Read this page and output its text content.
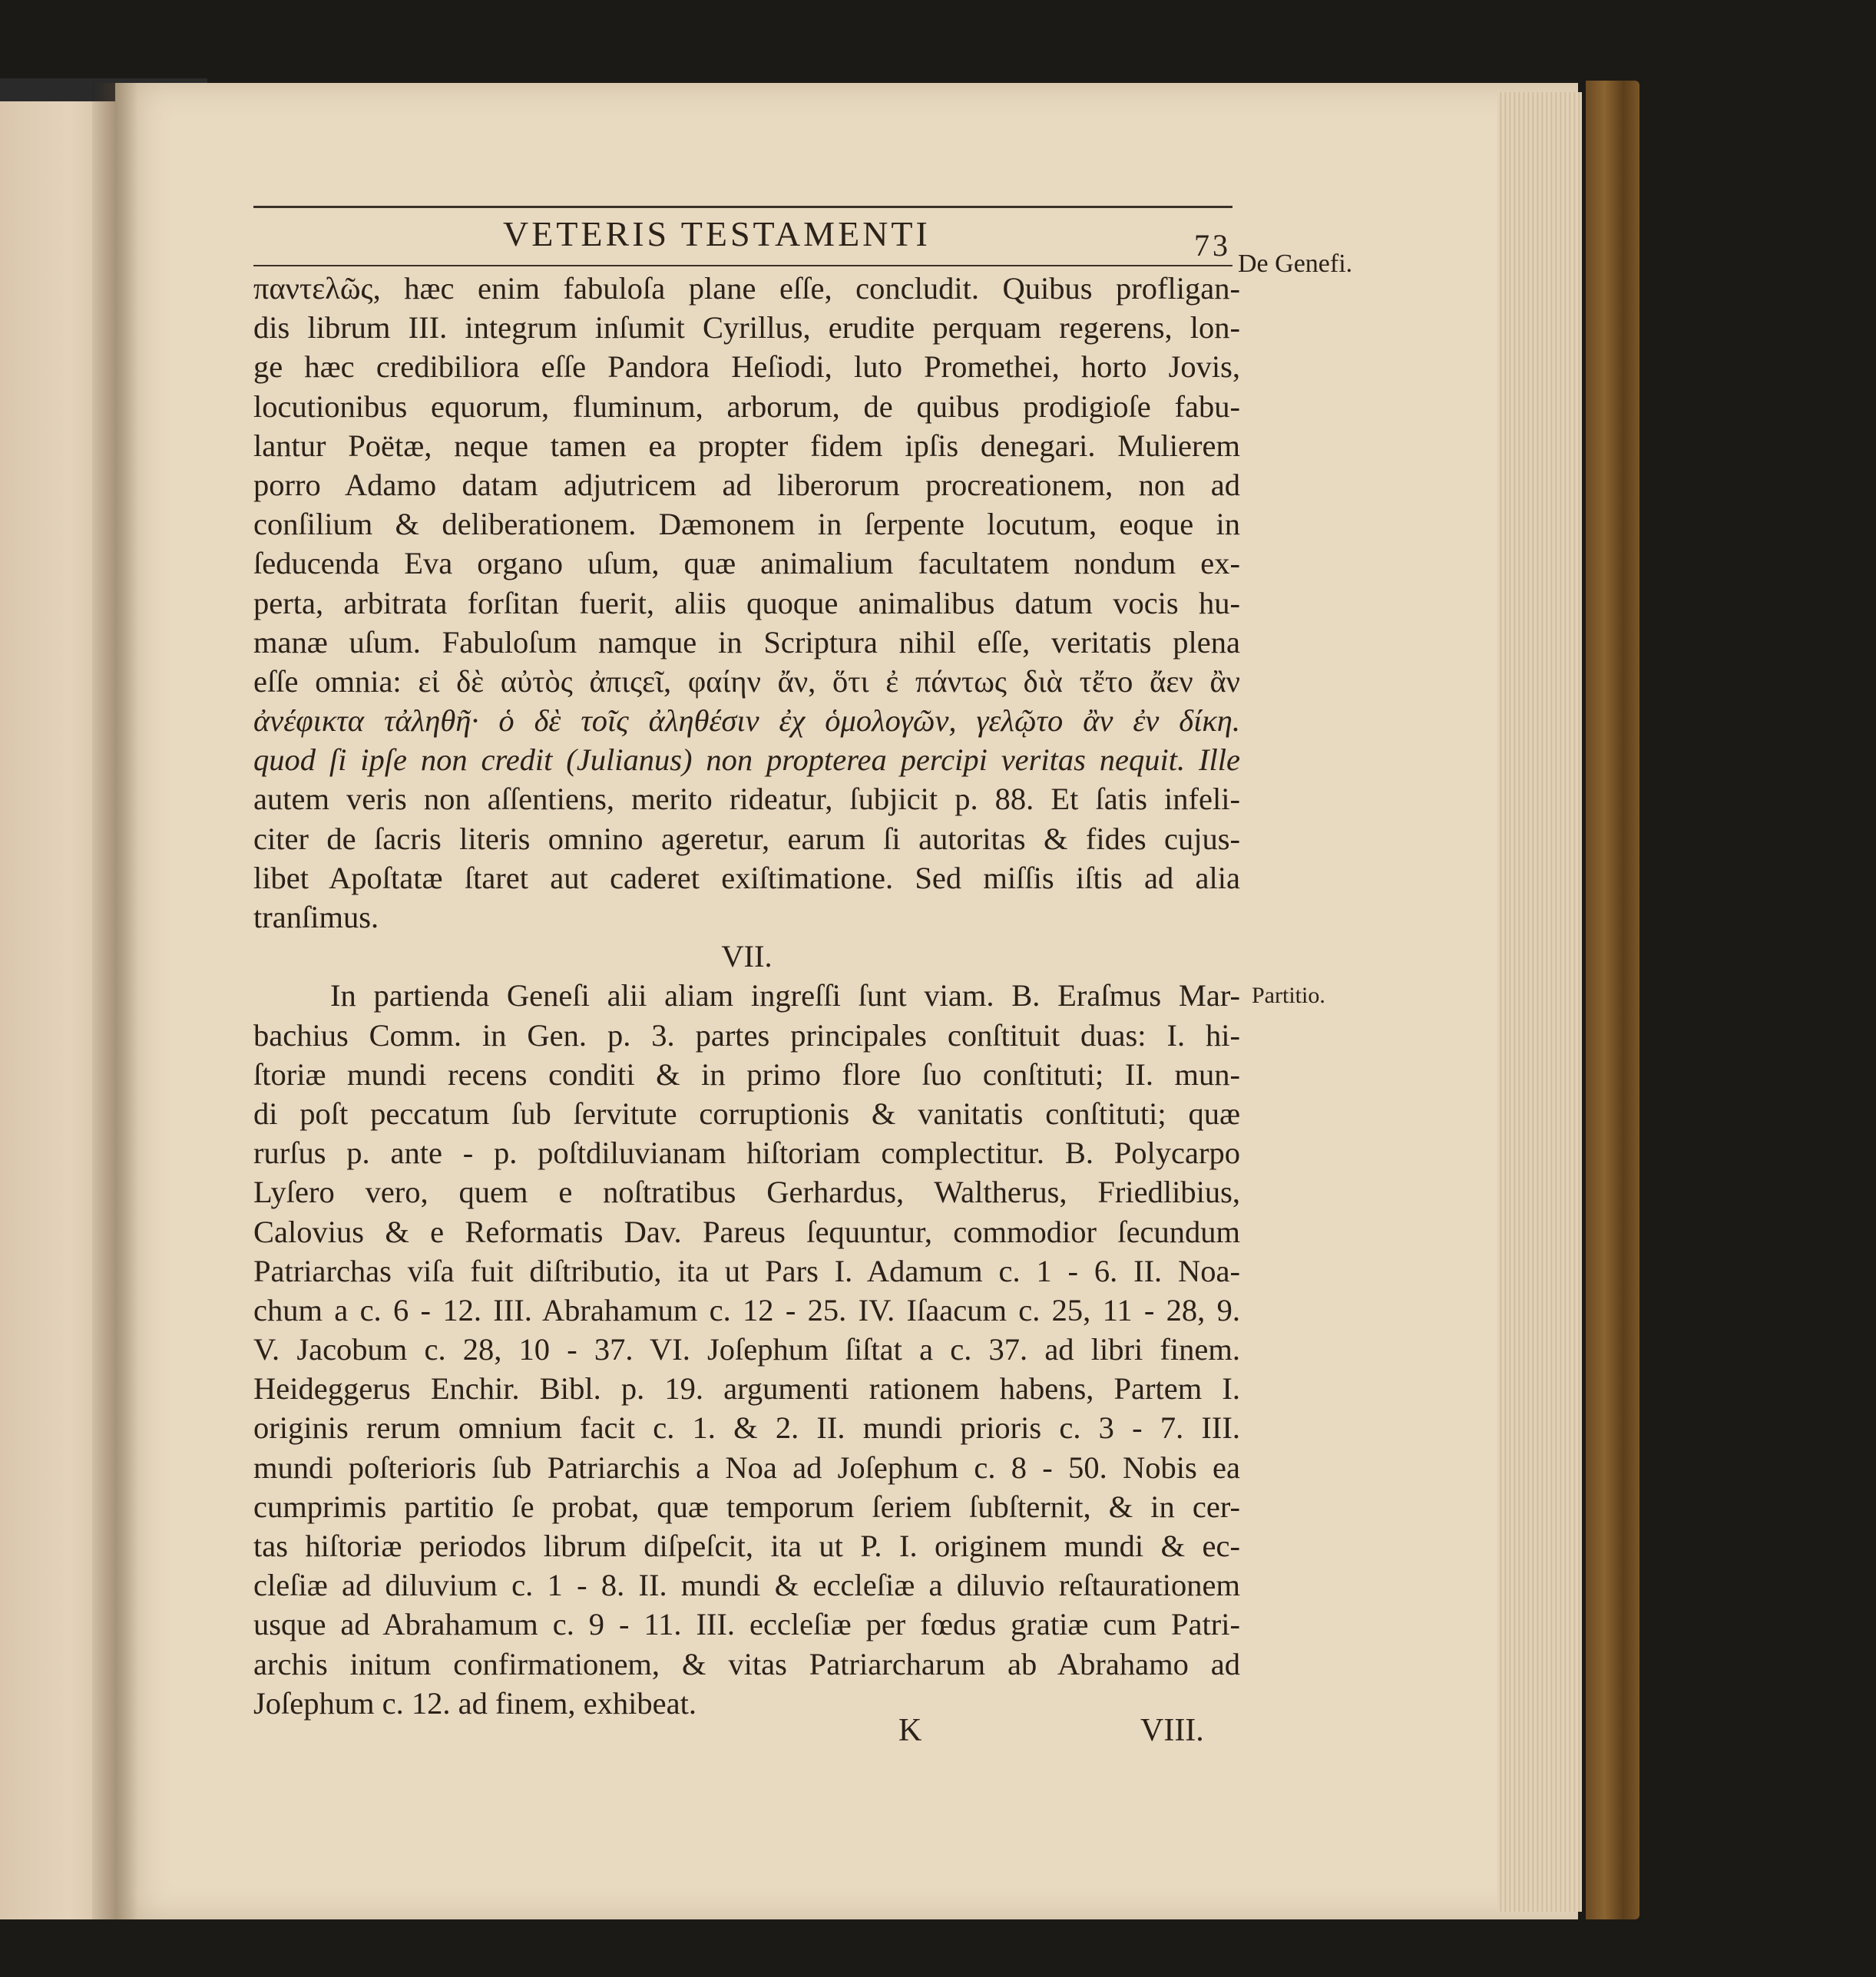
VETERIS TESTAMENTI	73
De Genefi.
Partitio.
παντελῶς, hæc enim fabuloſa plane eſſe, concludit. Quibus profligan-
dis librum III. integrum inſumit Cyrillus, erudite perquam regerens, lon-
ge hæc credibiliora eſſe Pandora Heſiodi, luto Promethei, horto Jovis,
locutionibus equorum, fluminum, arborum, de quibus prodigioſe fabu-
lantur Poëtæ, neque tamen ea propter fidem ipſis denegari. Mulierem
porro Adamo datam adjutricem ad liberorum procreationem, non ad
conſilium & deliberationem. Dæmonem in ſerpente locutum, eoque in
ſeducenda Eva organo uſum, quæ animalium facultatem nondum ex-
perta, arbitrata forſitan fuerit, aliis quoque animalibus datum vocis hu-
manæ uſum. Fabuloſum namque in Scriptura nihil eſſe, veritatis plena
eſſe omnia: εἰ δὲ αὐτὸς ἀπιςεῖ, φαίην ἄν, ὅτι ἐ πάντως διὰ τἔτο ἄεν ἂν
ἀνέφικτα τἀληθῆ· ὁ δὲ τοῖς ἀληθέσιν ἐχ ὁμολογῶν, γελῷτο ἂν ἐν δίκη.
quod ſi ipſe non credit (Julianus) non propterea percipi veritas nequit. Ille
autem veris non aſſentiens, merito rideatur, ſubjicit p. 88. Et ſatis infeli-
citer de ſacris literis omnino ageretur, earum ſi autoritas & fides cujus-
libet Apoſtatæ ſtaret aut caderet exiſtimatione. Sed miſſis iſtis ad alia
tranſimus.
VII.
In partienda Geneſi alii aliam ingreſſi ſunt viam. B. Eraſmus Mar-
bachius Comm. in Gen. p. 3. partes principales conſtituit duas: I. hi-
ſtoriæ mundi recens conditi & in primo flore ſuo conſtituti; II. mun-
di poſt peccatum ſub ſervitute corruptionis & vanitatis conſtituti; quæ
rurſus p. ante - p. poſtdiluvianam hiſtoriam complectitur. B. Polycarpo
Lyſero vero, quem e noſtratibus Gerhardus, Waltherus, Friedlibius,
Calovius & e Reformatis Dav. Pareus ſequuntur, commodior ſecundum
Patriarchas viſa fuit diſtributio, ita ut Pars I. Adamum c. 1 - 6. II. Noa-
chum a c. 6 - 12. III. Abrahamum c. 12 - 25. IV. Iſaacum c. 25, 11 - 28, 9.
V. Jacobum c. 28, 10 - 37. VI. Joſephum ſiſtat a c. 37. ad libri finem.
Heideggerus Enchir. Bibl. p. 19. argumenti rationem habens, Partem I.
originis rerum omnium facit c. 1. & 2. II. mundi prioris c. 3 - 7. III.
mundi poſterioris ſub Patriarchis a Noa ad Joſephum c. 8 - 50. Nobis ea
cumprimis partitio ſe probat, quæ temporum ſeriem ſubſternit, & in cer-
tas hiſtoriæ periodos librum diſpeſcit, ita ut P. I. originem mundi & ec-
cleſiæ ad diluvium c. 1 - 8. II. mundi & eccleſiæ a diluvio reſtaurationem
usque ad Abrahamum c. 9 - 11. III. eccleſiæ per fœdus gratiæ cum Patri-
archis initum confirmationem, & vitas Patriarcharum ab Abrahamo ad
Joſephum c. 12. ad finem, exhibeat.
K	VIII.
